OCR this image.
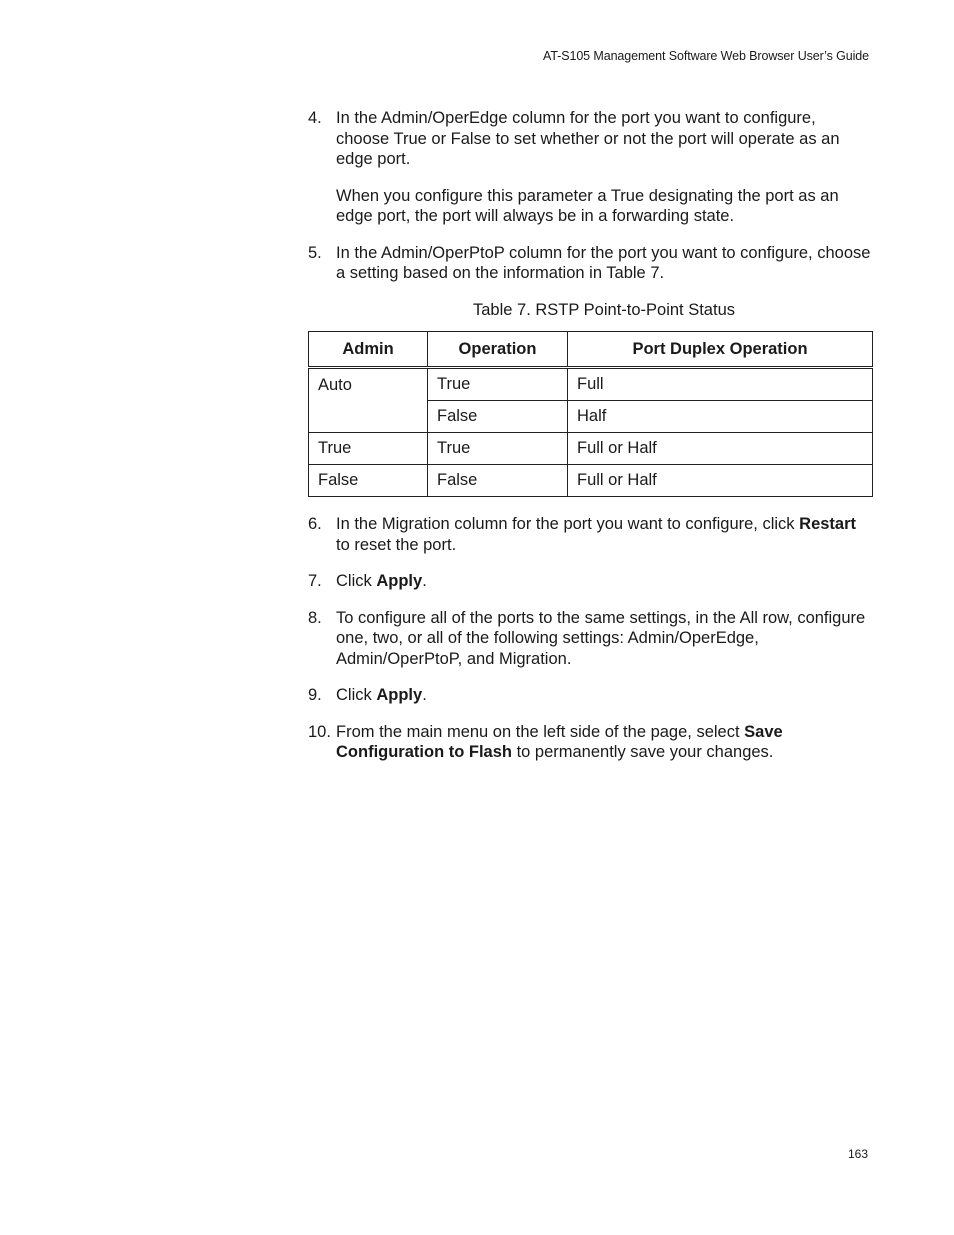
AT-S105 Management Software Web Browser User’s Guide
4. In the Admin/OperEdge column for the port you want to configure, choose True or False to set whether or not the port will operate as an edge port.

When you configure this parameter a True designating the port as an edge port, the port will always be in a forwarding state.

5. In the Admin/OperPtoP column for the port you want to configure, choose a setting based on the information in Table 7.

Table 7. RSTP Point-to-Point Status

Admin	Operation	Port Duplex Operation
Auto	True	Full
	False	Half
True	True	Full or Half
False	False	Full or Half
6. In the Migration column for the port you want to configure, click Restart to reset the port.
7. Click Apply.
8. To configure all of the ports to the same settings, in the All row, configure one, two, or all of the following settings: Admin/OperEdge, Admin/OperPtoP, and Migration.
9. Click Apply.
10. From the main menu on the left side of the page, select Save Configuration to Flash to permanently save your changes.
163
